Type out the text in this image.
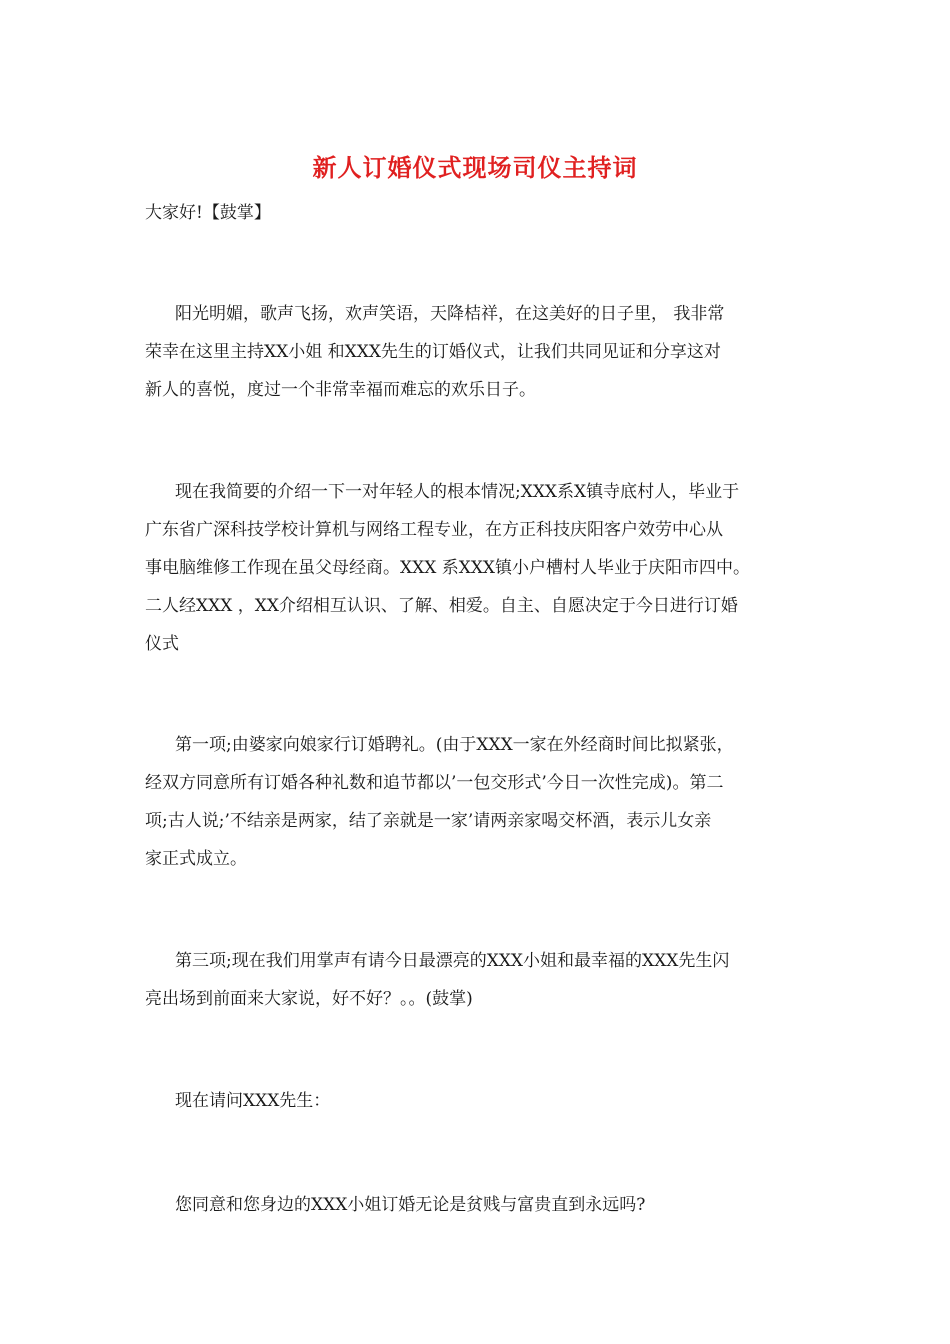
新人订婚仪式现场司仪主持词
大家好!【鼓掌】
阳光明媚，歌声飞扬，欢声笑语，天降桔祥，在这美好的日子里， 我非常
荣幸在这里主持XX小姐 和XXX先生的订婚仪式，让我们共同见证和分享这对
新人的喜悦，度过一个非常幸福而难忘的欢乐日子。
现在我简要的介绍一下一对年轻人的根本情况;XXX系X镇寺底村人，毕业于
广东省广深科技学校计算机与网络工程专业，在方正科技庆阳客户效劳中心从
事电脑维修工作现在虽父母经商。XXX 系XXX镇小户槽村人毕业于庆阳市四中。
二人经XXX ，XX介绍相互认识、了解、相爱。自主、自愿决定于今日进行订婚
仪式
第一项;由婆家向娘家行订婚聘礼。(由于XXX一家在外经商时间比拟紧张，
经双方同意所有订婚各种礼数和追节都以’一包交形式’今日一次性完成)。第二
项;古人说;’不结亲是两家，结了亲就是一家’请两亲家喝交杯酒，表示儿女亲
家正式成立。
第三项;现在我们用掌声有请今日最漂亮的XXX小姐和最幸福的XXX先生闪
亮出场到前面来大家说，好不好？。。(鼓掌)
现在请问XXX先生：
您同意和您身边的XXX小姐订婚无论是贫贱与富贵直到永远吗?
